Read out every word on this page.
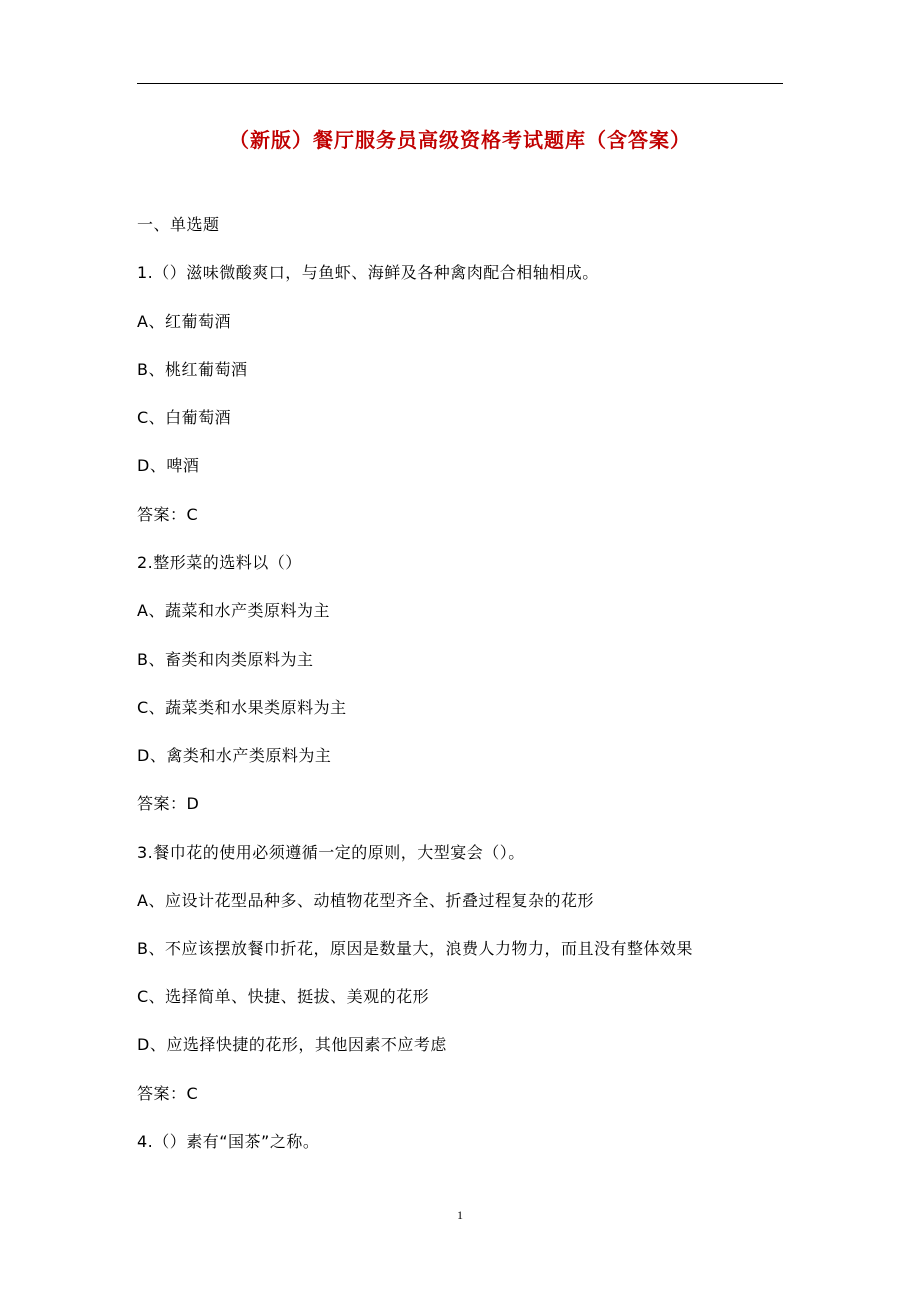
（新版）餐厅服务员高级资格考试题库（含答案）
一、单选题
1.（）滋味微酸爽口，与鱼虾、海鲜及各种禽肉配合相轴相成。
A、红葡萄酒
B、桃红葡萄酒
C、白葡萄酒
D、啤酒
答案：C
2.整形菜的选料以（）
A、蔬菜和水产类原料为主
B、畜类和肉类原料为主
C、蔬菜类和水果类原料为主
D、禽类和水产类原料为主
答案：D
3.餐巾花的使用必须遵循一定的原则，大型宴会（）。
A、应设计花型品种多、动植物花型齐全、折叠过程复杂的花形
B、不应该摆放餐巾折花，原因是数量大，浪费人力物力，而且没有整体效果
C、选择简单、快捷、挺拔、美观的花形
D、应选择快捷的花形，其他因素不应考虑
答案：C
4.（）素有“国茶”之称。
1
